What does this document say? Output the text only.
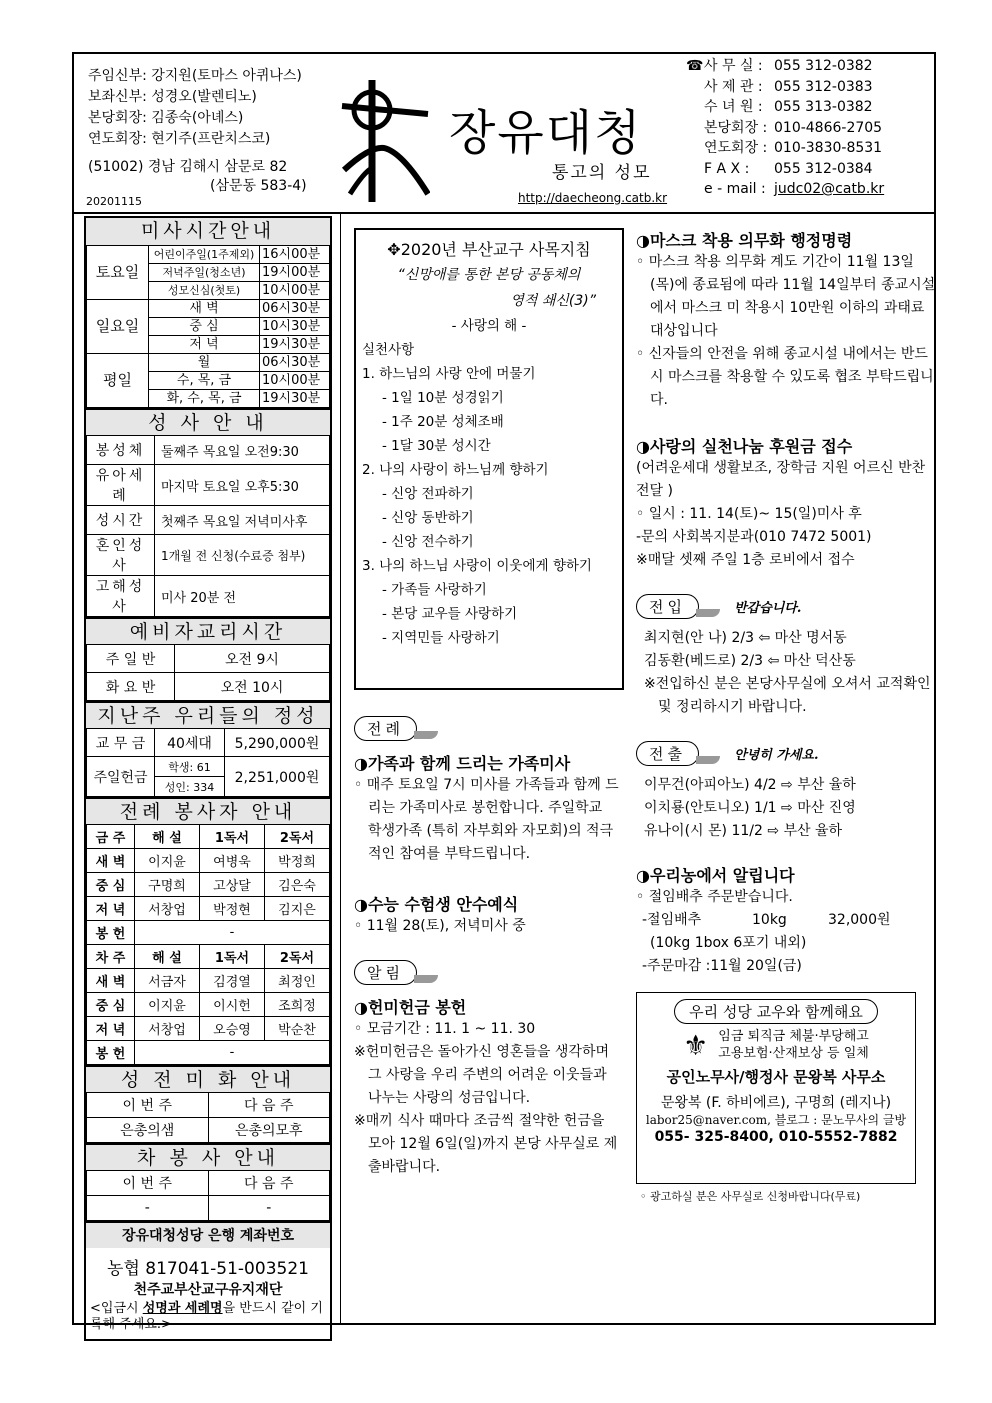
주임신부: 강지원(토마스 아퀴나스)
보좌신부: 성경오(발렌티노)
본당회장: 김종숙(아녜스)
연도회장: 현기주(프란치스코)
(51002) 경남 김해시 삼문로 82
(삼문동 583-4)
20201115
장유대청
통고의 성모
http://daecheong.catb.kr
☎ 사 무 실 : 055 312-0382
사 제 관 : 055 312-0383
수 녀 원 : 055 313-0382
본당회장 : 010-4866-2705
연도회장 : 010-3830-8531
F A X :	055 312-0384
e - mail : judc02@catb.kr
미사시간안내
토요일	어린이주일(1주제외)	16시00분
	저녁주일(청소년)	19시00분
	성모신심(첫토)	10시00분
일요일	새 벽	06시30분
	중 심	10시30분
	저 녁	19시30분
평일	월	06시30분
	수, 목, 금	10시00분
	화, 수, 목, 금	19시30분
성 사 안 내
봉성체	둘째주 목요일 오전9:30
유아세례	마지막 토요일 오후5:30
성시간	첫째주 목요일 저녁미사후
혼인성사	1개월 전 신청(수료증 첨부)
고해성사	미사 20분 전
예비자교리시간
주 일 반	오전 9시
화 요 반	오전 10시
지난주 우리들의 정성
교 무 금	40세대	5,290,000원
주일헌금	학생: 61	2,251,000원
	성인: 334	
전례 봉사자 안내
금 주	해 설	1독서	2독서
새 벽	이지윤	여병욱	박정희
중 심	구명희	고상달	김은숙
저 녁	서창업	박정현	김지은
봉 헌	-		
차 주	해 설	1독서	2독서
새 벽	서금자	김경열	최정인
중 심	이지윤	이시헌	조희정
저 녁	서창업	오승영	박순찬
봉 헌	-		
성 전 미 화 안내
이 번 주	다 음 주
은총의샘	은총의모후
차 봉 사 안내
이 번 주	다 음 주
-	-
장유대청성당 은행 계좌번호
농협 817041-51-003521
천주교부산교구유지재단
<입금시 성명과 세례명을 반드시 같이 기록해 주세요.>
✥2020년 부산교구 사목지침
“신망애를 통한 본당 공동체의
영적 쇄신(3)”
- 사랑의 해 -
실천사항
1. 하느님의 사랑 안에 머물기
- 1일 10분 성경읽기
- 1주 20분 성체조배
- 1달 30분 성시간
2. 나의 사랑이 하느님께 향하기
- 신앙 전파하기
- 신앙 동반하기
- 신앙 전수하기
3. 나의 하느님 사랑이 이웃에게 향하기
- 가족들 사랑하기
- 본당 교우들 사랑하기
- 지역민들 사랑하기
전례
◑가족과 함께 드리는 가족미사
◦ 매주 토요일 7시 미사를 가족들과 함께 드리는 가족미사로 봉헌합니다. 주일학교 학생가족 (특히 자부회와 자모회)의 적극적인 참여를 부탁드립니다.
◑수능 수험생 안수예식
◦ 11월 28(토), 저녁미사 중
알림
◑헌미헌금 봉헌
◦ 모금기간 : 11. 1 ~ 11. 30
※헌미헌금은 돌아가신 영혼들을 생각하며 그 사랑을 우리 주변의 어려운 이웃들과 나누는 사랑의 성금입니다.
※매끼 식사 때마다 조금씩 절약한 헌금을 모아 12월 6일(일)까지 본당 사무실로 제출바랍니다.
◑마스크 착용 의무화 행정명령
◦ 마스크 착용 의무화 계도 기간이 11월 13일(목)에 종료됨에 따라 11월 14일부터 종교시설에서 마스크 미 착용시 10만원 이하의 과태료 대상입니다
◦ 신자들의 안전을 위해 종교시설 내에서는 반드시 마스크를 착용할 수 있도록 협조 부탁드립니다.
◑사랑의 실천나눔 후원금 접수
(어려운세대 생활보조, 장학금 지원 어르신 반찬 전달 )
◦ 일시 : 11. 14(토)~ 15(일)미사 후
-문의 사회복지분과(010 7472 5001)
※매달 셋째 주일 1층 로비에서 접수
전입	반갑습니다.
최지현(안 나) 2/3 ⇦ 마산 명서동
김동환(베드로) 2/3 ⇦ 마산 덕산동
※전입하신 분은 본당사무실에 오셔서 교적확인 및 정리하시기 바랍니다.
전출	안녕히 가세요.
이무건(아피아노) 4/2 ⇨ 부산 율하
이치룡(안토니오) 1/1 ⇨ 마산 진영
유나이(시 몬) 11/2 ⇨ 부산 율하
◑우리농에서 알립니다
◦ 절임배추 주문받습니다.
-절임배추	10kg	32,000원
(10kg 1box 6포기 내외)
-주문마감 :11월 20일(금)
우리 성당 교우와 함께해요
⚜ 임금 퇴직금 체불·부당해고
고용보험·산재보상 등 일체
공인노무사/행정사 문왕복 사무소
문왕복 (F. 하비에르), 구명희 (레지나)
labor25@naver.com, 블로그 : 문노무사의 글방
055- 325-8400, 010-5552-7882
◦ 광고하실 분은 사무실로 신청바랍니다(무료)
